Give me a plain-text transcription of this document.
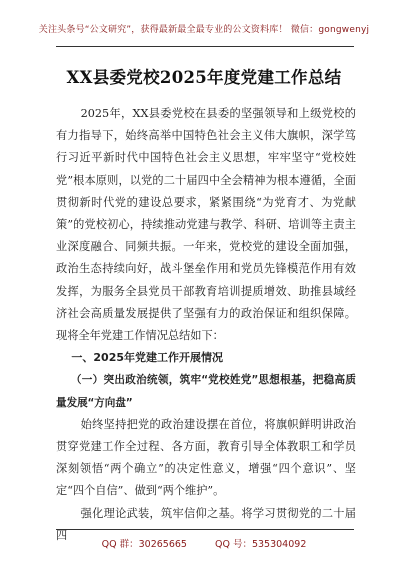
关注头条号“公文研究”，获得最新最全最专业的公文资料库！ 微信：gongwenyj
XX县委党校2025年度党建工作总结

2025年，XX县委党校在县委的坚强领导和上级党校的有力指导下，始终高举中国特色社会主义伟大旗帜，深学笃行习近平新时代中国特色社会主义思想，牢牢坚守“党校姓党”根本原则，以党的二十届四中全会精神为根本遵循，全面贯彻新时代党的建设总要求，紧紧围绕“为党育才、为党献策”的党校初心，持续推动党建与教学、科研、培训等主责主业深度融合、同频共振。一年来，党校党的建设全面加强，政治生态持续向好，战斗堡垒作用和党员先锋模范作用有效发挥，为服务全县党员干部教育培训提质增效、助推县域经济社会高质量发展提供了坚强有力的政治保证和组织保障。现将全年党建工作情况总结如下：

一、2025年党建工作开展情况

（一）突出政治统领，筑牢“党校姓党”思想根基，把稳高质量发展“方向盘”

始终坚持把党的政治建设摆在首位，将旗帜鲜明讲政治贯穿党建工作全过程、各方面，教育引导全体教职工和学员深刻领悟“两个确立”的决定性意义，增强“四个意识”、坚定“四个自信”、做到“两个维护”。

强化理论武装，筑牢信仰之基。将学习贯彻党的二十届四

QQ 群：30265665	QQ 号：535304092
